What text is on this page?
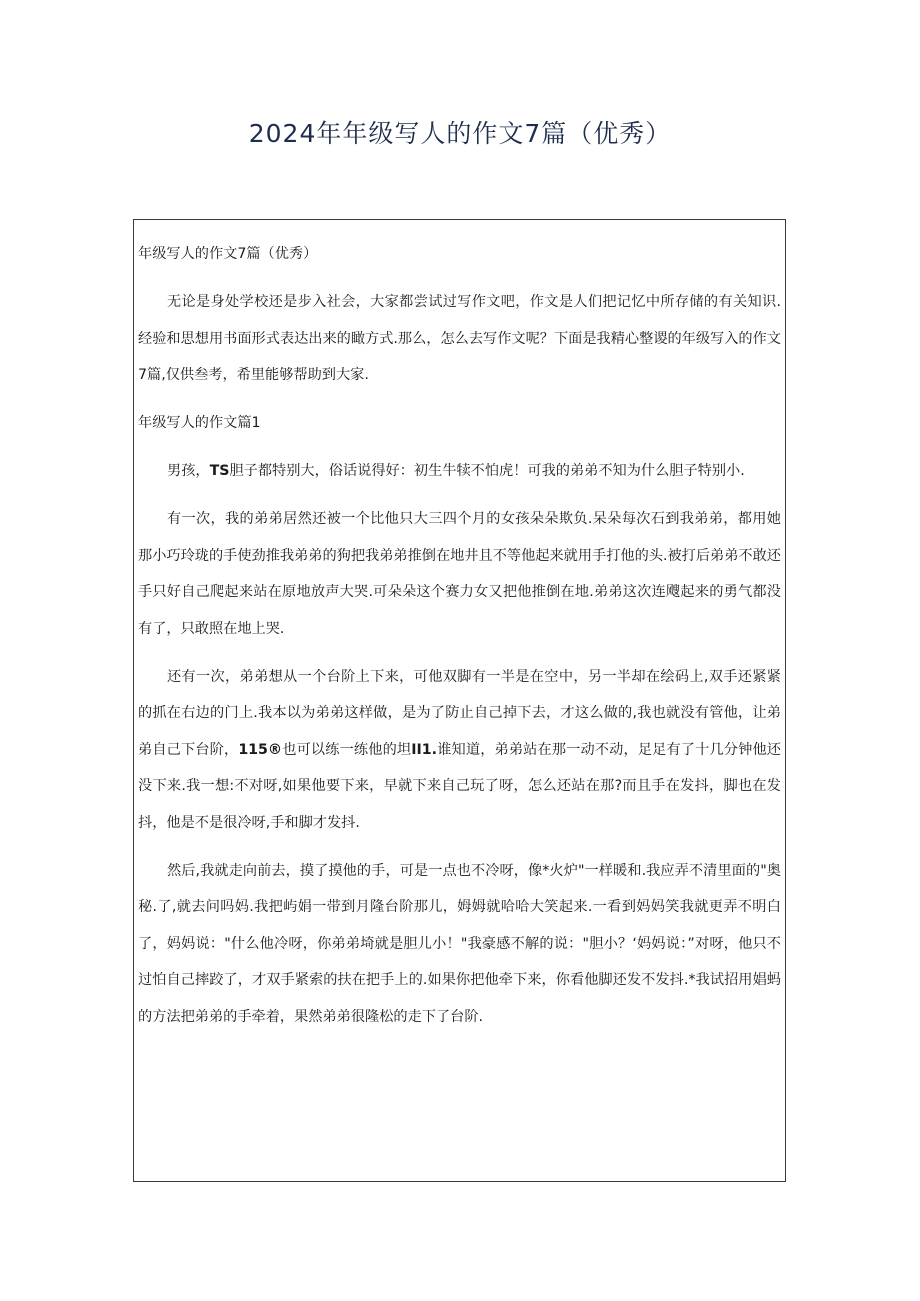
2024年年级写人的作文7篇（优秀）

年级写人的作文7篇（优秀）

无论是身处学校还是步入社会，大家都尝试过写作文吧，作文是人们把记忆中所存储的有关知识.经验和思想用书面形式表达出来的瞰方式.那么，怎么去写作文呢？下面是我精心整谡的年级写入的作文7篇,仅供叁考，希里能够帮助到大家.

年级写人的作文篇1

男孩，TS胆子都特别大，俗话说得好：初生牛犊不怕虎！可我的弟弟不知为什么胆子特别小.

有一次，我的弟弟居然还被一个比他只大三四个月的女孩朵朵欺负.呆朵每次石到我弟弟，都用她那小巧玲珑的手使劲推我弟弟的狗把我弟弟推倒在地井且不等他起来就用手打他的头.被打后弟弟不敢还手只好自己爬起来站在原地放声大哭.可朵朵这个赛力女又把他推倒在地.弟弟这次连飕起来的勇气都没有了，只敢照在地上哭.

还有一次，弟弟想从一个台阶上下来，可他双脚有一半是在空中，另一半却在绘码上,双手还紧紧的抓在右边的门上.我本以为弟弟这样做，是为了防止自己掉下去，才这么做的,我也就没有管他，让弟弟自己下台阶，115®也可以练一练他的坦II1.谁知道，弟弟站在那一动不动，足足有了十几分钟他还没下来.我一想:不对呀,如果他要下来，早就下来自己玩了呀，怎么还站在那?而且手在发抖，脚也在发抖，他是不是很冷呀,手和脚才发抖.

然后,我就走向前去，摸了摸他的手，可是一点也不冷呀，像*火炉"一样暖和.我应弄不清里面的"奥秘.了,就去问吗妈.我把屿娟一带到月隆台阶那儿，姆姆就哈哈大笑起来.一看到妈妈笑我就更弄不明白了，妈妈说："什么他冷呀，你弟弟埼就是胆儿小！"我豪感不解的说："胆小？‘妈妈说：”对呀，他只不过怕自己摔跤了，才双手紧索的扶在把手上的.如果你把他牵下来，你看他脚还发不发抖.*我试招用娼蚂的方法把弟弟的手牵着，果然弟弟很隆松的走下了台阶.
